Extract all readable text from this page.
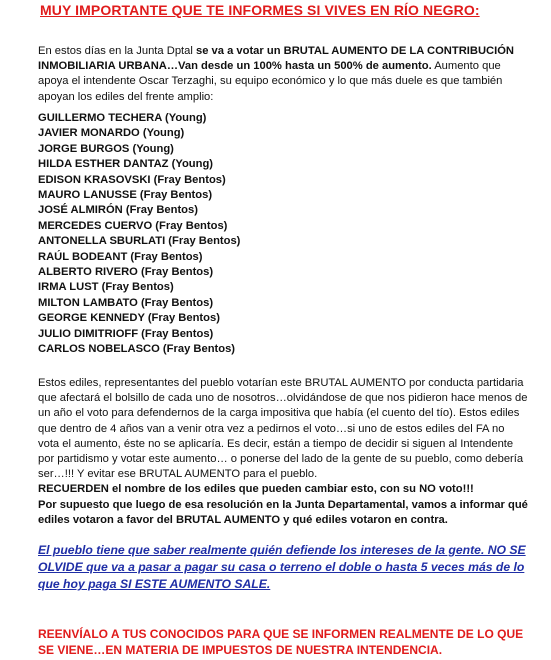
MUY IMPORTANTE QUE TE INFORMES SI VIVES EN RÍO NEGRO:
En estos días en la Junta Dptal se va a votar un BRUTAL AUMENTO DE LA CONTRIBUCIÓN INMOBILIARIA URBANA…Van desde un 100% hasta un 500% de aumento. Aumento que apoya el intendente Oscar Terzaghi, su equipo económico y lo que más duele es que también apoyan los ediles del frente amplio:
GUILLERMO TECHERA (Young)
JAVIER MONARDO (Young)
JORGE BURGOS (Young)
HILDA ESTHER DANTAZ (Young)
EDISON KRASOVSKI (Fray Bentos)
MAURO LANUSSE (Fray Bentos)
JOSÉ ALMIRÓN (Fray Bentos)
MERCEDES CUERVO (Fray Bentos)
ANTONELLA SBURLATI (Fray Bentos)
RAÚL BODEANT (Fray Bentos)
ALBERTO RIVERO (Fray Bentos)
IRMA LUST (Fray Bentos)
MILTON LAMBATO (Fray Bentos)
GEORGE KENNEDY (Fray Bentos)
JULIO DIMITRIOFF (Fray Bentos)
CARLOS NOBELASCO (Fray Bentos)
Estos ediles, representantes del pueblo votarían este BRUTAL AUMENTO por conducta partidaria que afectará el bolsillo de cada uno de nosotros…olvidándose de que nos pidieron hace menos de un año el voto para defendernos de la carga impositiva que había (el cuento del tío). Estos ediles que dentro de 4 años van a venir otra vez a pedirnos el voto…si uno de estos ediles del FA no vota el aumento, éste no se aplicaría. Es decir, están a tiempo de decidir si siguen al Intendente por partidismo y votar este aumento… o ponerse del lado de la gente de su pueblo, como debería ser…!!! Y evitar ese BRUTAL AUMENTO para el pueblo.
RECUERDEN el nombre de los ediles que pueden cambiar esto, con su NO voto!!!
Por supuesto que luego de esa resolución en la Junta Departamental, vamos a informar qué ediles votaron a favor del BRUTAL AUMENTO y qué ediles votaron en contra.
El pueblo tiene que saber realmente quién defiende los intereses de la gente. NO SE OLVIDE que va a pasar a pagar su casa o terreno el doble o hasta 5 veces más de lo que hoy paga SI ESTE AUMENTO SALE.
REENVÍALO A TUS CONOCIDOS PARA QUE SE INFORMEN REALMENTE DE LO QUE SE VIENE…EN MATERIA DE IMPUESTOS DE NUESTRA INTENDENCIA.
